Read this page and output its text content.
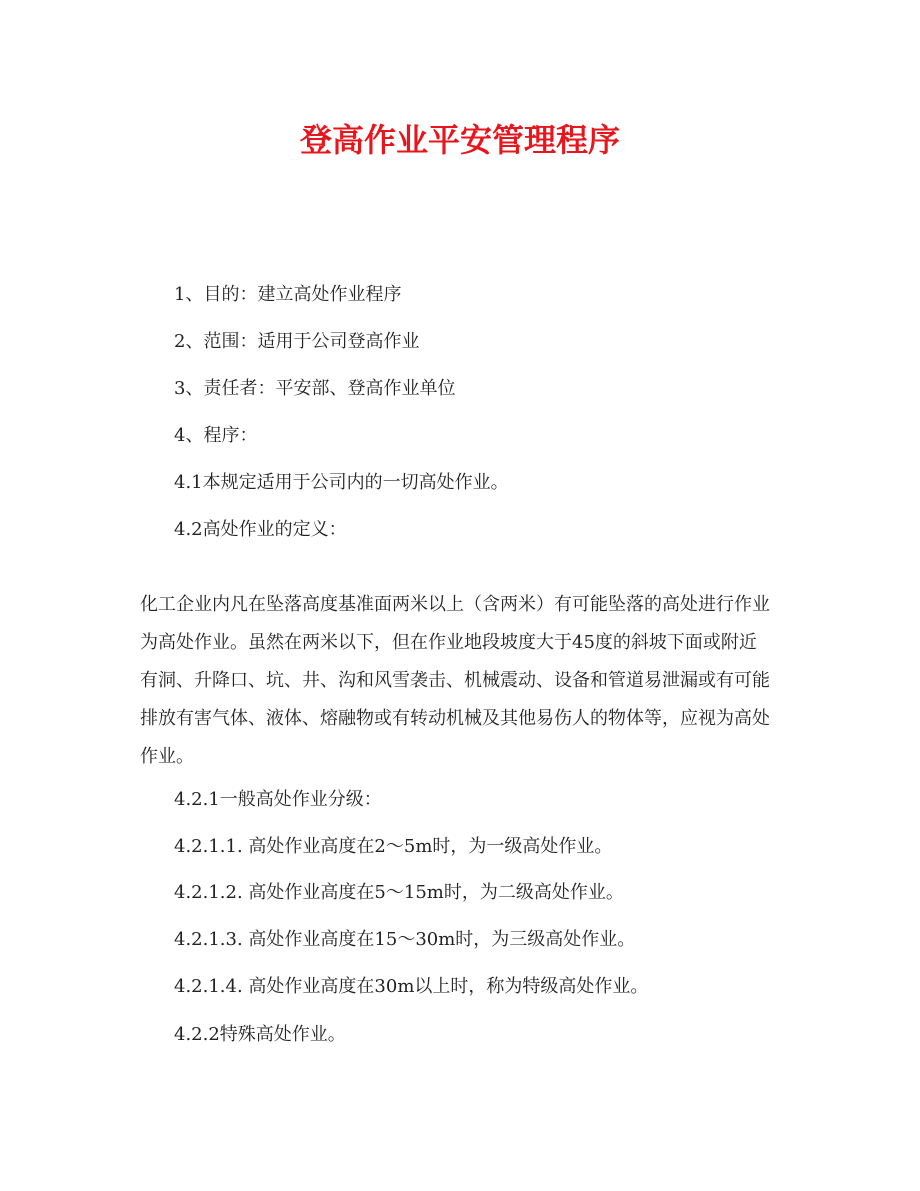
登高作业平安管理程序
1、目的：建立高处作业程序
2、范围：适用于公司登高作业
3、责任者：平安部、登高作业单位
4、程序：
4.1本规定适用于公司内的一切高处作业。
4.2高处作业的定义：
化工企业内凡在坠落高度基准面两米以上（含两米）有可能坠落的高处进行作业为高处作业。虽然在两米以下，但在作业地段坡度大于45度的斜坡下面或附近有洞、升降口、坑、井、沟和风雪袭击、机械震动、设备和管道易泄漏或有可能排放有害气体、液体、熔融物或有转动机械及其他易伤人的物体等，应视为高处作业。
4.2.1一般高处作业分级：
4.2.1.1. 高处作业高度在2～5m时，为一级高处作业。
4.2.1.2. 高处作业高度在5～15m时，为二级高处作业。
4.2.1.3. 高处作业高度在15～30m时，为三级高处作业。
4.2.1.4. 高处作业高度在30m以上时，称为特级高处作业。
4.2.2特殊高处作业。
